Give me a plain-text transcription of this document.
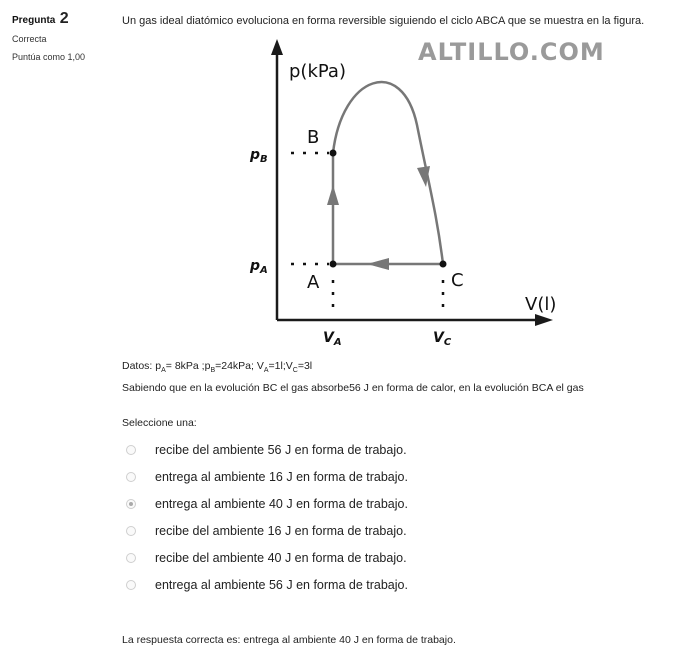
Pregunta 2
Correcta
Puntúa como 1,00
Un gas ideal diatómico evoluciona en forma reversible siguiendo el ciclo ABCA que se muestra en la figura.
p(kPa)
V(l)
$p_B$
$p_A$
$V_A$	$V_C$
B
A	C
ALTILLO.COM
Datos: $p_A= 8kPa$ $;p_B=24kPa$; $V_A=1l;V_C=3l$
Sabiendo que en la evolución BC el gas absorbe56 J en forma de calor, en la evolución BCA el gas
Seleccione una:
recibe del ambiente 56 J en forma de trabajo.
entrega al ambiente 16 J en forma de trabajo.
entrega al ambiente 40 J en forma de trabajo.
recibe del ambiente 16 J en forma de trabajo.
recibe del ambiente 40 J en forma de trabajo.
entrega al ambiente 56 J en forma de trabajo.
La respuesta correcta es: entrega al ambiente 40 J en forma de trabajo.
